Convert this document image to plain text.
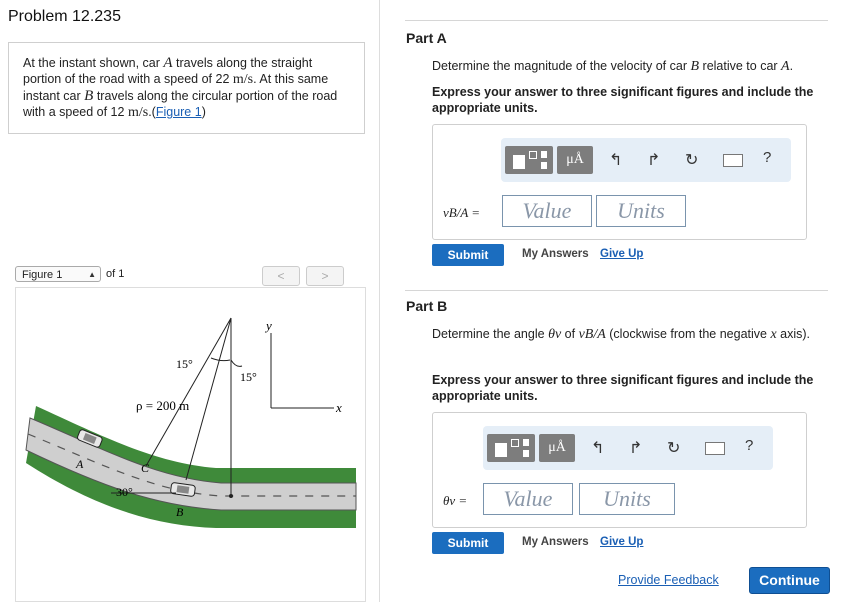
Problem 12.235
At the instant shown, car A travels along the straight portion of the road with a speed of 22 m/s. At this same instant car B travels along the circular portion of the road with a speed of 12 m/s.(Figure 1)
Figure 1	▲ of 1	<	>
15°
15°
ρ = 200 m
y
x
A
B
C
30°
Part A
Determine the magnitude of the velocity of car B relative to car A.
Express your answer to three significant figures and include the appropriate units.
μÅ	↰ ↱ ↻	?
vB/A =	Value	Units
Submit	My Answers Give Up
Part B
Determine the angle θv of vB/A (clockwise from the negative x axis).
Express your answer to three significant figures and include the appropriate units.
μÅ	↰ ↱ ↻	?
θv =	Value	Units
Submit	My Answers Give Up
Provide Feedback	Continue
